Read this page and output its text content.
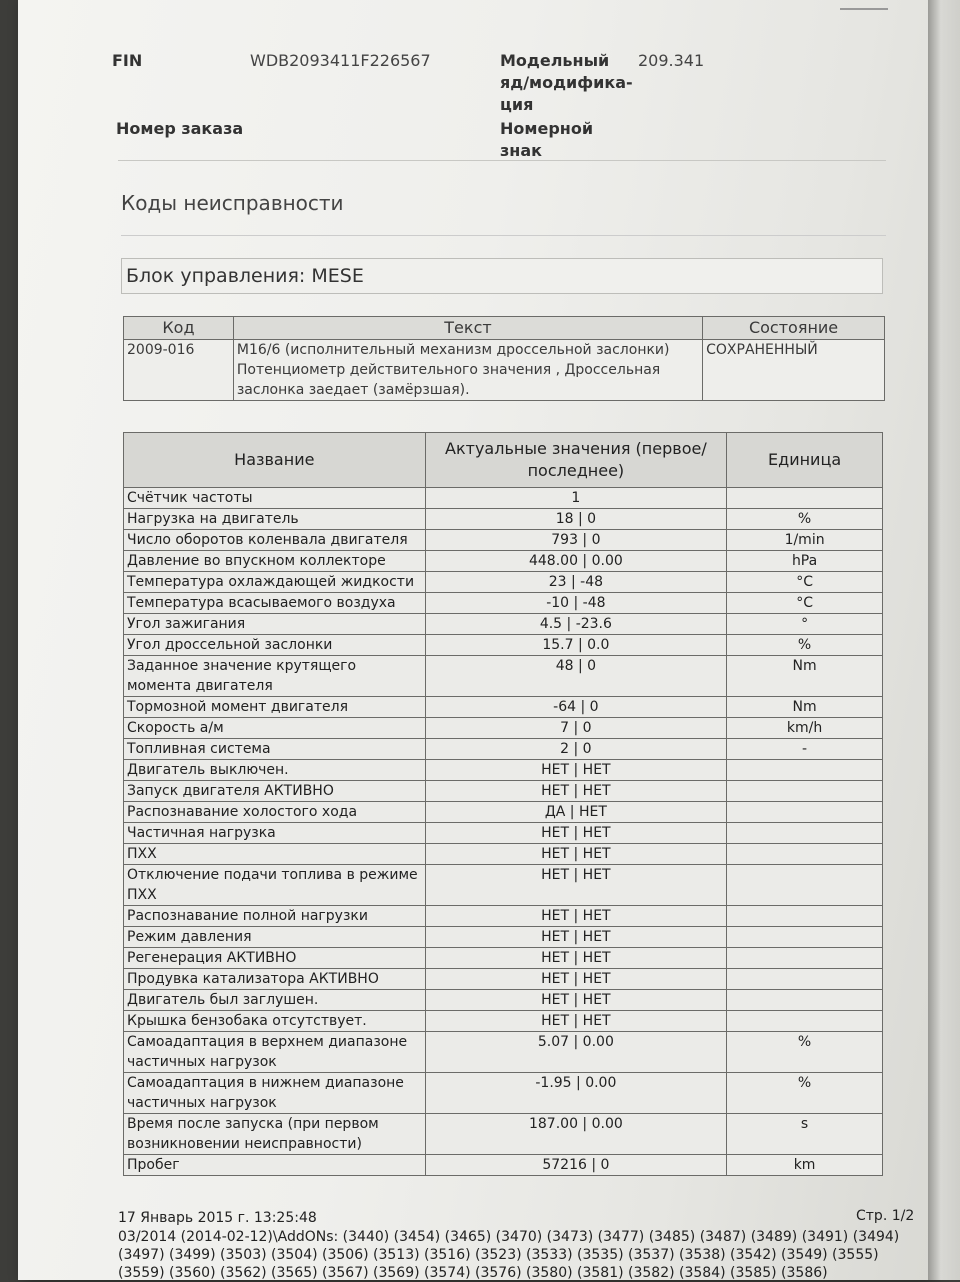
FIN	WDB2093411F226567	Модельный
яд/модифика-
ция
209.341
Номер заказа	Номерной
знак
Коды неисправности
Блок управления: MESE
Код	Текст	Состояние
2009-016	M16/6 (исполнительный механизм дроссельной заслонки) Потенциометр действительного значения , Дроссельная заслонка заедает (замёрзшая).	СОХРАНЕННЫЙ
Название	Актуальные значения (первое/последнее)	Единица
Счётчик частоты	1	
Нагрузка на двигатель	18 | 0	%
Число оборотов коленвала двигателя	793 | 0	1/min
Давление во впускном коллекторе	448.00 | 0.00	hPa
Температура охлаждающей жидкости	23 | -48	°C
Температура всасываемого воздуха	-10 | -48	°C
Угол зажигания	4.5 | -23.6	°
Угол дроссельной заслонки	15.7 | 0.0	%
Заданное значение крутящего момента двигателя	48 | 0	Nm
Тормозной момент двигателя	-64 | 0	Nm
Скорость а/м	7 | 0	km/h
Топливная система	2 | 0	-
Двигатель выключен.	НЕТ | НЕТ	
Запуск двигателя АКТИВНО	НЕТ | НЕТ	
Распознавание холостого хода	ДА | НЕТ	
Частичная нагрузка	НЕТ | НЕТ	
ПХХ	НЕТ | НЕТ	
Отключение подачи топлива в режиме ПХХ	НЕТ | НЕТ	
Распознавание полной нагрузки	НЕТ | НЕТ	
Режим давления	НЕТ | НЕТ	
Регенерация АКТИВНО	НЕТ | НЕТ	
Продувка катализатора АКТИВНО	НЕТ | НЕТ	
Двигатель был заглушен.	НЕТ | НЕТ	
Крышка бензобака отсутствует.	НЕТ | НЕТ	
Самоадаптация в верхнем диапазоне частичных нагрузок	5.07 | 0.00	%
Самоадаптация в нижнем диапазоне частичных нагрузок	-1.95 | 0.00	%
Время после запуска (при первом возникновении неисправности)	187.00 | 0.00	s
Пробег	57216 | 0	km
17 Январь 2015 г. 13:25:48	Стр. 1/2
03/2014 (2014-02-12)\AddONs: (3440) (3454) (3465) (3470) (3473) (3477) (3485) (3487) (3489) (3491) (3494) (3497) (3499) (3503) (3504) (3506) (3513) (3516) (3523) (3533) (3535) (3537) (3538) (3542) (3549) (3555) (3559) (3560) (3562) (3565) (3567) (3569) (3574) (3576) (3580) (3581) (3582) (3584) (3585) (3586)
